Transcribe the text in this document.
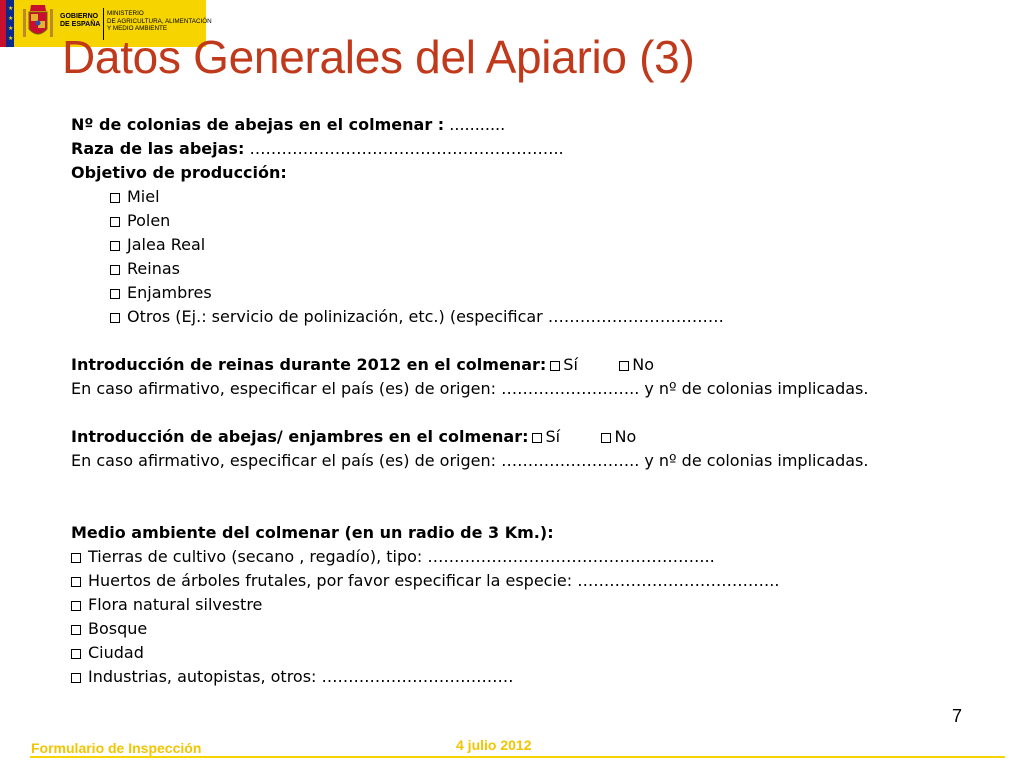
★
★
★
★
GOBIERNO
DE ESPAÑA
MINISTERIO
DE AGRICULTURA, ALIMENTACIÓN
Y MEDIO AMBIENTE
Datos Generales del Apiario (3)
Nº de colonias de abejas en el colmenar : ...........
Raza de las abejas: …………………………………………………..
Objetivo de producción:
Miel
Polen
Jalea Real
Reinas
Enjambres
Otros (Ej.: servicio de polinización, etc.) (especificar ……………………………
Introducción de reinas durante 2012 en el colmenar: Sí	No
En caso afirmativo, especificar el país (es) de origen: …………………….. y nº de colonias implicadas.
Introducción de abejas/ enjambres en el colmenar: Sí	No
En caso afirmativo, especificar el país (es) de origen: …………………….. y nº de colonias implicadas.
Medio ambiente del colmenar (en un radio de 3 Km.):
Tierras de cultivo (secano , regadío), tipo: ……………………………………………...
Huertos de árboles frutales, por favor especificar la especie: ………………………………..
Flora natural silvestre
Bosque
Ciudad
Industrias, autopistas, otros: ………………………………
7
Formulario de Inspección	4 julio 2012
